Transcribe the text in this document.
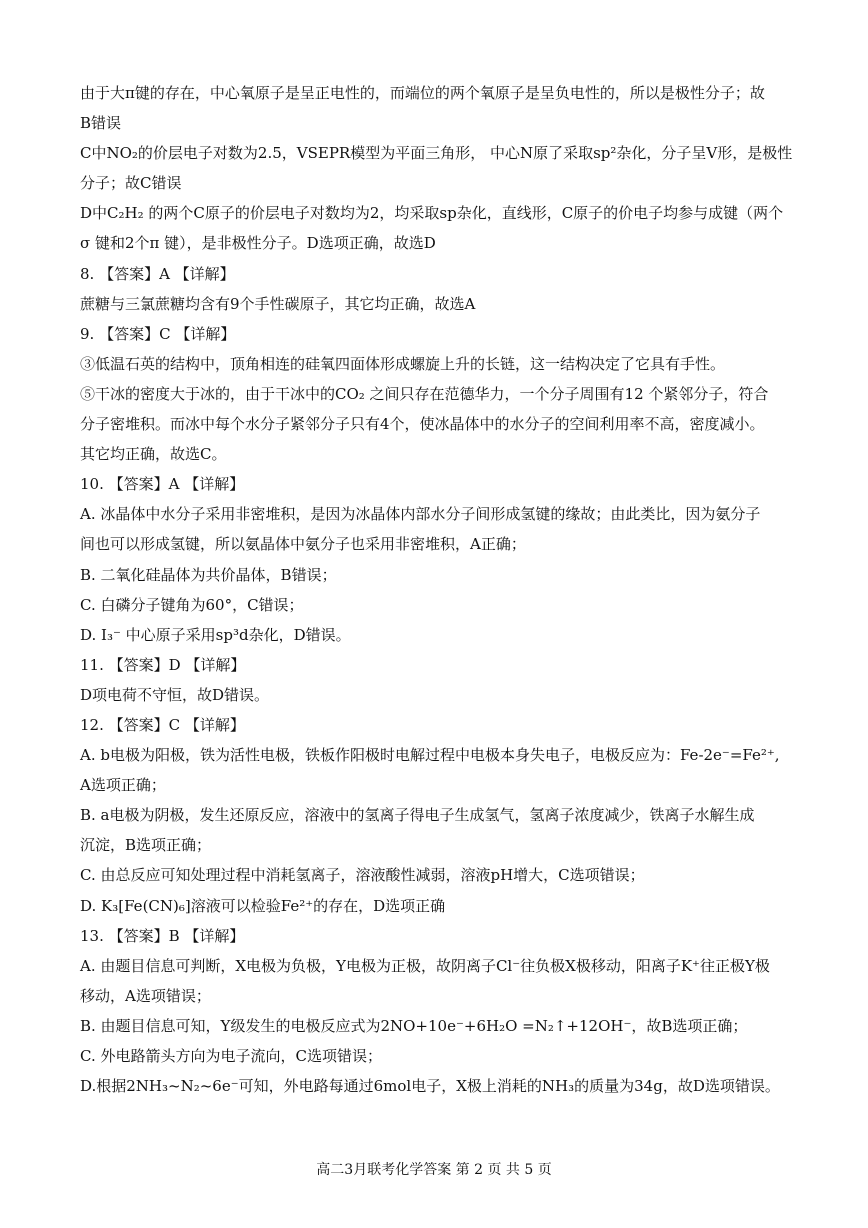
由于大π键的存在，中心氧原子是呈正电性的，而端位的两个氧原子是呈负电性的，所以是极性分子；故
B错误
C中NO₂的价层电子对数为2.5，VSEPR模型为平面三角形， 中心N原了采取sp²杂化，分子呈V形，是极性
分子；故C错误
D中C₂H₂ 的两个C原子的价层电子对数均为2，均采取sp杂化，直线形，C原子的价电子均参与成键（两个
σ 键和2个π 键），是非极性分子。D选项正确，故选D
8. 【答案】A 【详解】
蔗糖与三氯蔗糖均含有9个手性碳原子，其它均正确，故选A
9. 【答案】C 【详解】
③低温石英的结构中，顶角相连的硅氧四面体形成螺旋上升的长链，这一结构决定了它具有手性。
⑤干冰的密度大于冰的，由于干冰中的CO₂ 之间只存在范德华力，一个分子周围有12 个紧邻分子，符合
分子密堆积。而冰中每个水分子紧邻分子只有4个，使冰晶体中的水分子的空间利用率不高，密度减小。
其它均正确，故选C。
10. 【答案】A 【详解】
A. 冰晶体中水分子采用非密堆积，是因为冰晶体内部水分子间形成氢键的缘故；由此类比，因为氨分子
间也可以形成氢键，所以氨晶体中氨分子也采用非密堆积，A正确；
B. 二氧化硅晶体为共价晶体，B错误；
C. 白磷分子键角为60°，C错误；
D. I₃⁻ 中心原子采用sp³d杂化，D错误。
11. 【答案】D 【详解】
D项电荷不守恒，故D错误。
12. 【答案】C 【详解】
A. b电极为阳极，铁为活性电极，铁板作阳极时电解过程中电极本身失电子，电极反应为：Fe-2e⁻=Fe²⁺,
A选项正确；
B. a电极为阴极，发生还原反应，溶液中的氢离子得电子生成氢气，氢离子浓度减少，铁离子水解生成
沉淀，B选项正确；
C. 由总反应可知处理过程中消耗氢离子，溶液酸性减弱，溶液pH增大，C选项错误；
D. K₃[Fe(CN)₆]溶液可以检验Fe²⁺的存在，D选项正确
13. 【答案】B 【详解】
A. 由题目信息可判断，X电极为负极，Y电极为正极，故阴离子Cl⁻往负极X极移动，阳离子K⁺往正极Y极
移动，A选项错误；
B. 由题目信息可知，Y级发生的电极反应式为2NO+10e⁻+6H₂O =N₂↑+12OH⁻，故B选项正确；
C. 外电路箭头方向为电子流向，C选项错误；
D.根据2NH₃~N₂~6e⁻可知，外电路每通过6mol电子，X极上消耗的NH₃的质量为34g，故D选项错误。
高二3月联考化学答案 第 2 页 共 5 页
